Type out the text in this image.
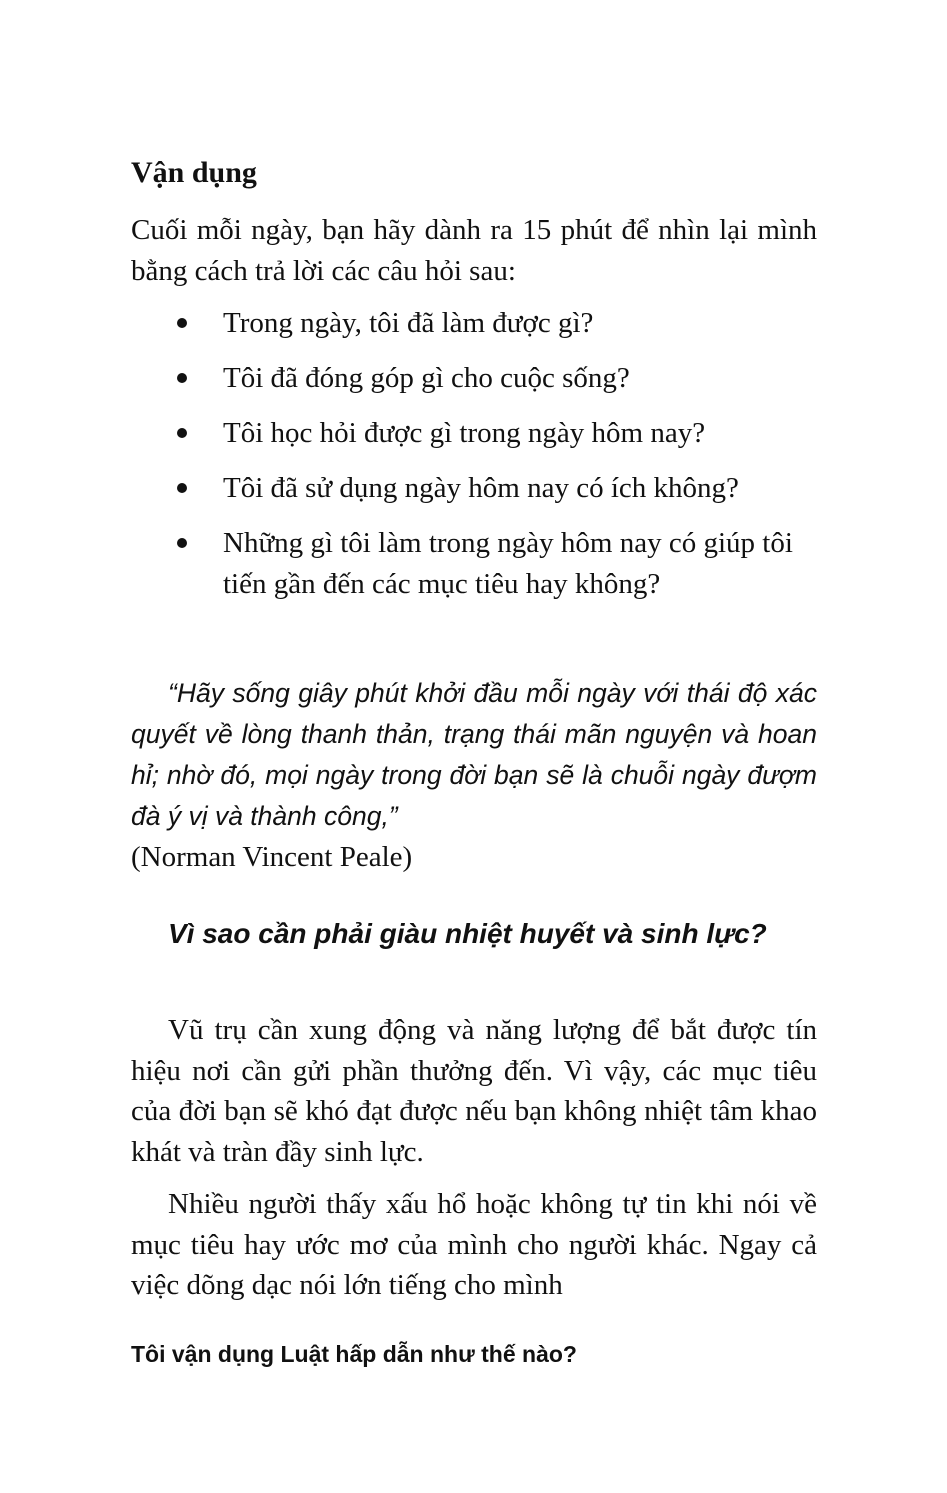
Vận dụng

Cuối mỗi ngày, bạn hãy dành ra 15 phút để nhìn lại mình bằng cách trả lời các câu hỏi sau:

Trong ngày, tôi đã làm được gì?
Tôi đã đóng góp gì cho cuộc sống?
Tôi học hỏi được gì trong ngày hôm nay?
Tôi đã sử dụng ngày hôm nay có ích không?
Những gì tôi làm trong ngày hôm nay có giúp tôi tiến gần đến các mục tiêu hay không?

“Hãy sống giây phút khởi đầu mỗi ngày với thái độ xác quyết về lòng thanh thản, trạng thái mãn nguyện và hoan hỉ; nhờ đó, mọi ngày trong đời bạn sẽ là chuỗi ngày đượm đà ý vị và thành công,”
(Norman Vincent Peale)

Vì sao cần phải giàu nhiệt huyết và sinh lực?

Vũ trụ cần xung động và năng lượng để bắt được tín hiệu nơi cần gửi phần thưởng đến. Vì vậy, các mục tiêu của đời bạn sẽ khó đạt được nếu bạn không nhiệt tâm khao khát và tràn đầy sinh lực.

Nhiều người thấy xấu hổ hoặc không tự tin khi nói về mục tiêu hay ước mơ của mình cho người khác. Ngay cả việc dõng dạc nói lớn tiếng cho mình

Tôi vận dụng Luật hấp dẫn như thế nào?
